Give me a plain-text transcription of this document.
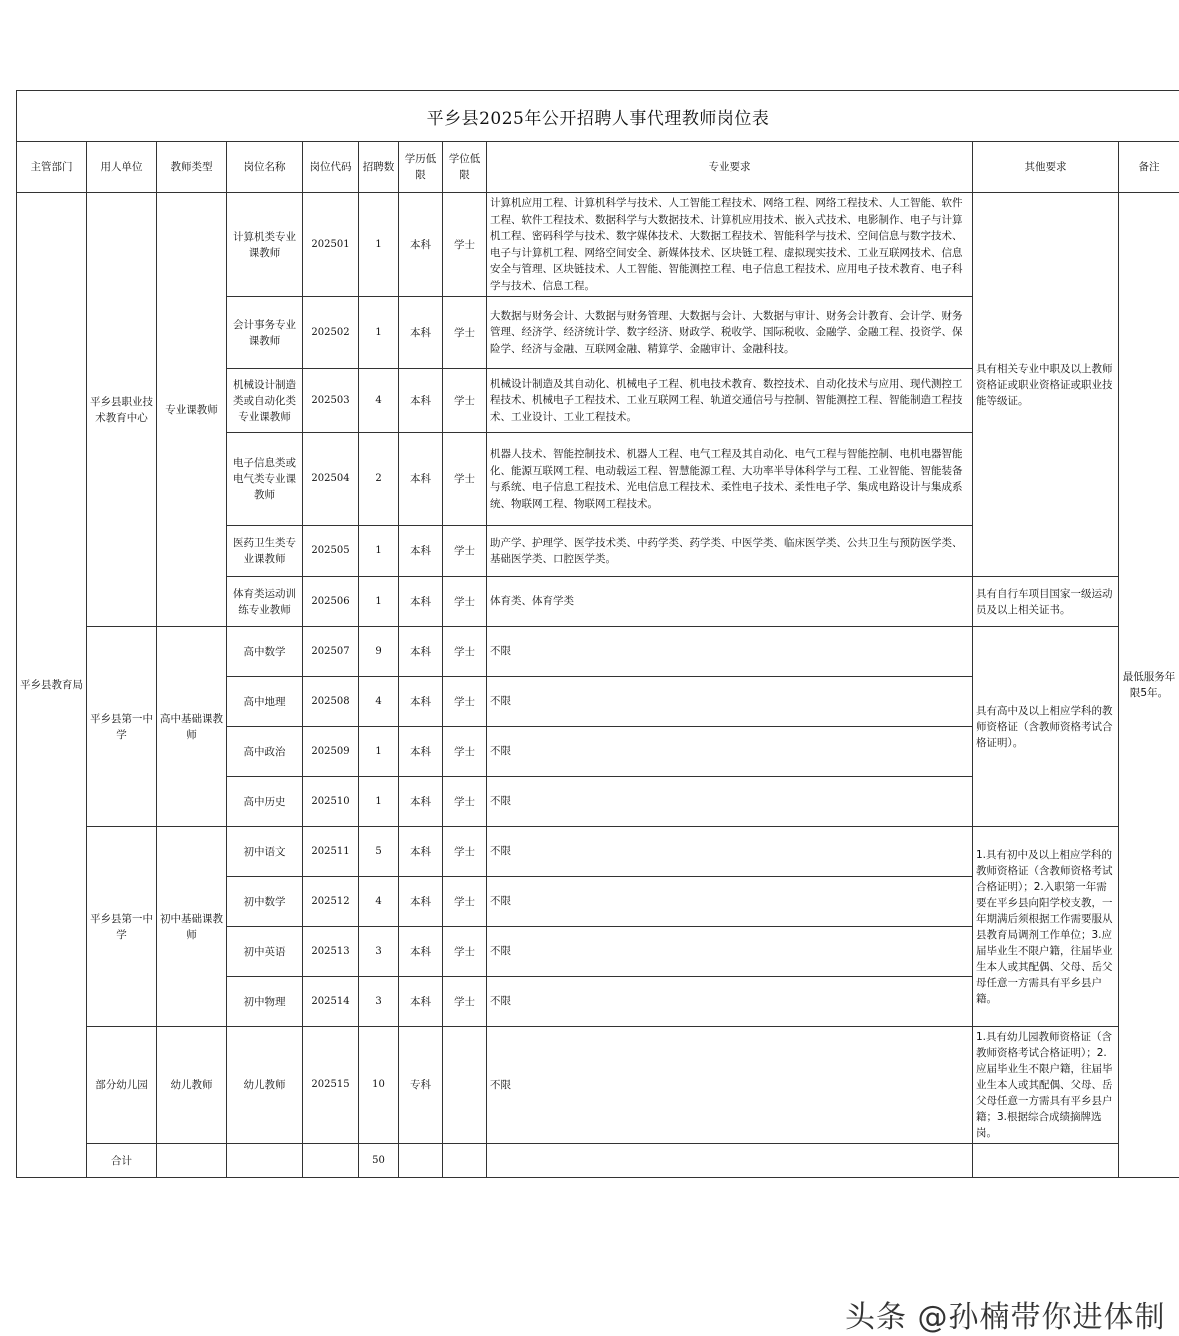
平乡县2025年公开招聘人事代理教师岗位表
主管部门	用人单位	教师类型	岗位名称	岗位代码	招聘数	学历低限	学位低限	专业要求	其他要求	备注
平乡县教育局	平乡县职业技术教育中心	专业课教师	计算机类专业课教师	202501	1	本科	学士	计算机应用工程、计算机科学与技术、人工智能工程技术、网络工程、网络工程技术、人工智能、软件工程、软件工程技术、数据科学与大数据技术、计算机应用技术、嵌入式技术、电影制作、电子与计算机工程、密码科学与技术、数字媒体技术、大数据工程技术、智能科学与技术、空间信息与数字技术、电子与计算机工程、网络空间安全、新媒体技术、区块链工程、虚拟现实技术、工业互联网技术、信息安全与管理、区块链技术、人工智能、智能测控工程、电子信息工程技术、应用电子技术教育、电子科学与技术、信息工程。	具有相关专业中职及以上教师资格证或职业资格证或职业技能等级证。	最低服务年限5年。
			会计事务专业课教师	202502	1	本科	学士	大数据与财务会计、大数据与财务管理、大数据与会计、大数据与审计、财务会计教育、会计学、财务管理、经济学、经济统计学、数字经济、财政学、税收学、国际税收、金融学、金融工程、投资学、保险学、经济与金融、互联网金融、精算学、金融审计、金融科技。		
			机械设计制造类或自动化类专业课教师	202503	4	本科	学士	机械设计制造及其自动化、机械电子工程、机电技术教育、数控技术、自动化技术与应用、现代测控工程技术、机械电子工程技术、工业互联网工程、轨道交通信号与控制、智能测控工程、智能制造工程技术、工业设计、工业工程技术。		
			电子信息类或电气类专业课教师	202504	2	本科	学士	机器人技术、智能控制技术、机器人工程、电气工程及其自动化、电气工程与智能控制、电机电器智能化、能源互联网工程、电动载运工程、智慧能源工程、大功率半导体科学与工程、工业智能、智能装备与系统、电子信息工程技术、光电信息工程技术、柔性电子技术、柔性电子学、集成电路设计与集成系统、物联网工程、物联网工程技术。		
			医药卫生类专业课教师	202505	1	本科	学士	助产学、护理学、医学技术类、中药学类、药学类、中医学类、临床医学类、公共卫生与预防医学类、基础医学类、口腔医学类。		
			体育类运动训练专业教师	202506	1	本科	学士	体育类、体育学类	具有自行车项目国家一级运动员及以上相关证书。	
	平乡县第一中学	高中基础课教师	高中数学	202507	9	本科	学士	不限	具有高中及以上相应学科的教师资格证（含教师资格考试合格证明）。	
			高中地理	202508	4	本科	学士	不限		
			高中政治	202509	1	本科	学士	不限		
			高中历史	202510	1	本科	学士	不限		
	平乡县第一中学	初中基础课教师	初中语文	202511	5	本科	学士	不限	1.具有初中及以上相应学科的教师资格证（含教师资格考试合格证明）；2.入职第一年需要在平乡县向阳学校支教，一年期满后须根据工作需要服从县教育局调剂工作单位；3.应届毕业生不限户籍，往届毕业生本人或其配偶、父母、岳父母任意一方需具有平乡县户籍。	
			初中数学	202512	4	本科	学士	不限		
			初中英语	202513	3	本科	学士	不限		
			初中物理	202514	3	本科	学士	不限		
	部分幼儿园	幼儿教师	幼儿教师	202515	10	专科		不限	1.具有幼儿园教师资格证（含教师资格考试合格证明）；2.应届毕业生不限户籍，往届毕业生本人或其配偶、父母、岳父母任意一方需具有平乡县户籍；3.根据综合成绩摘牌选岗。	
	合计				50					
头条 @孙楠带你进体制
